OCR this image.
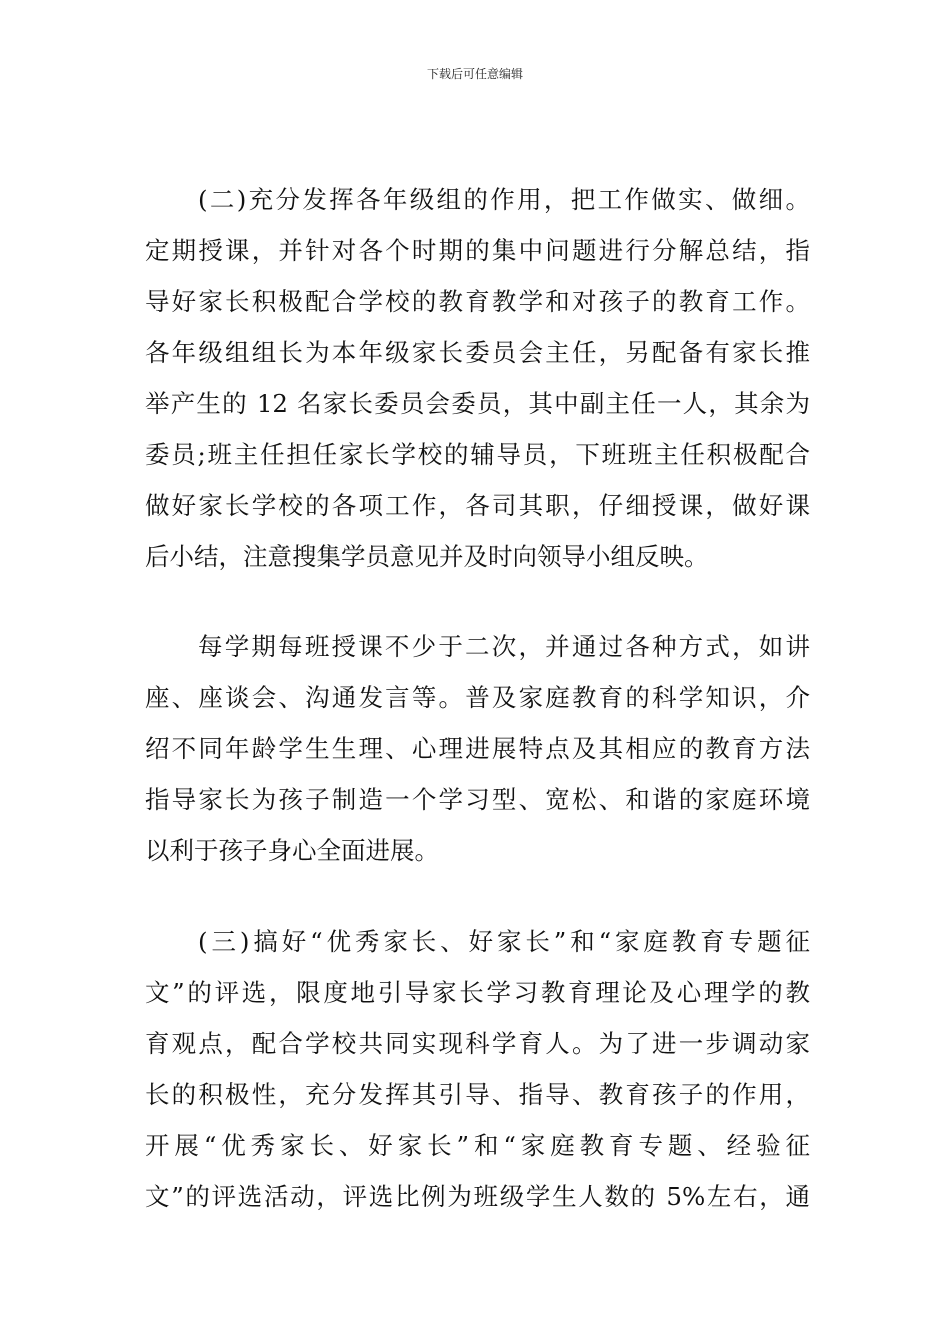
下载后可任意编辑
(二)充分发挥各年级组的作用，把工作做实、做细。
定期授课，并针对各个时期的集中问题进行分解总结，指
导好家长积极配合学校的教育教学和对孩子的教育工作。
各年级组组长为本年级家长委员会主任，另配备有家长推
举产生的 12 名家长委员会委员，其中副主任一人，其余为
委员;班主任担任家长学校的辅导员，下班班主任积极配合
做好家长学校的各项工作，各司其职，仔细授课，做好课
后小结，注意搜集学员意见并及时向领导小组反映。
每学期每班授课不少于二次，并通过各种方式，如讲
座、座谈会、沟通发言等。普及家庭教育的科学知识，介
绍不同年龄学生生理、心理进展特点及其相应的教育方法
指导家长为孩子制造一个学习型、宽松、和谐的家庭环境
以利于孩子身心全面进展。
(三)搞好“优秀家长、好家长”和“家庭教育专题征
文”的评选，限度地引导家长学习教育理论及心理学的教
育观点，配合学校共同实现科学育人。为了进一步调动家
长的积极性，充分发挥其引导、指导、教育孩子的作用，
开展“优秀家长、好家长”和“家庭教育专题、经验征
文”的评选活动，评选比例为班级学生人数的 5%左右，通
